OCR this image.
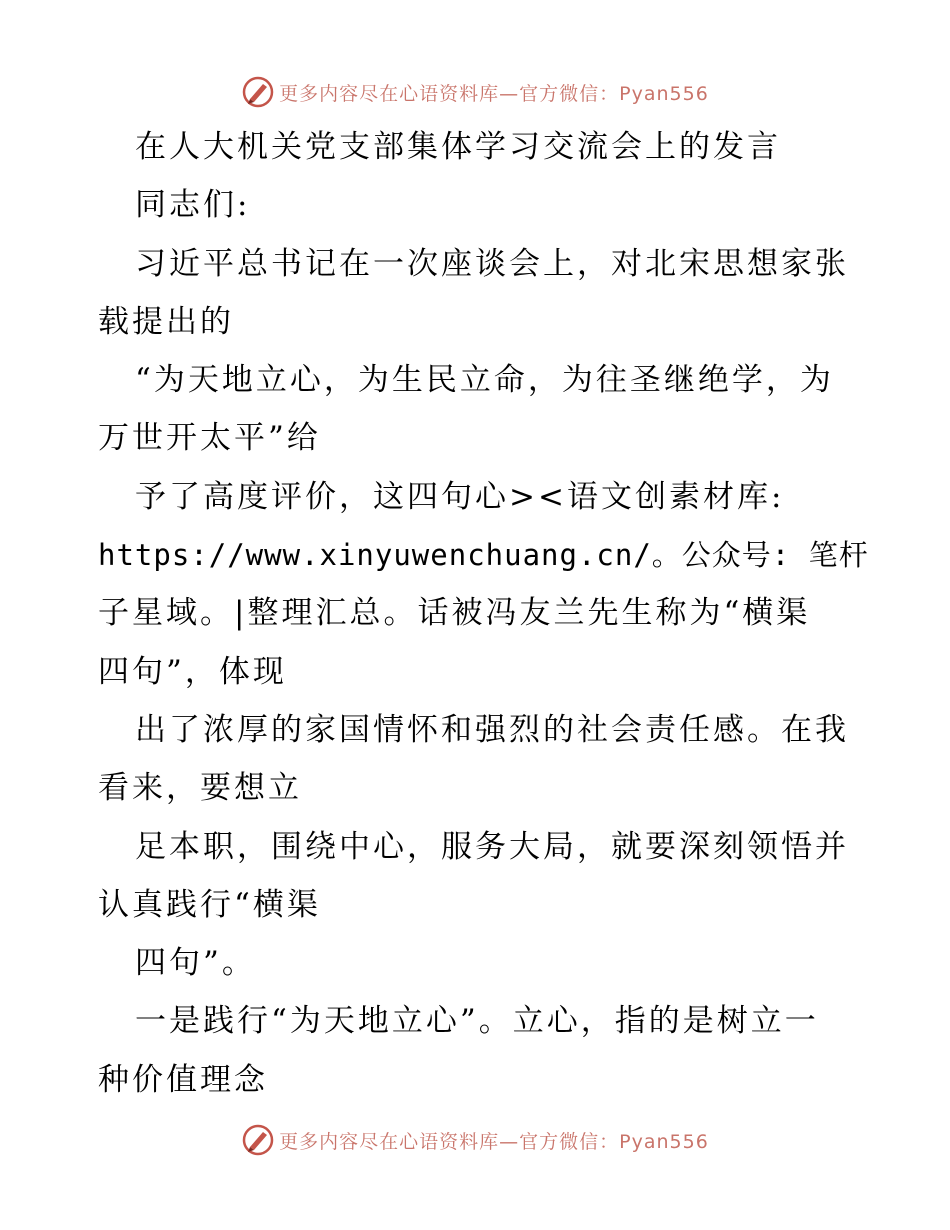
更多内容尽在心语资料库—官方微信：Pyan556
在人大机关党支部集体学习交流会上的发言
同志们:
习近平总书记在一次座谈会上，对北宋思想家张
载提出的
“为天地立心，为生民立命，为往圣继绝学，为
万世开太平”给
予了高度评价，这四句心><语文创素材库:
https://www.xinyuwenchuang.cn/。公众号: 笔杆
子星域。|整理汇总。话被冯友兰先生称为“横渠
四句”，体现
出了浓厚的家国情怀和强烈的社会责任感。在我
看来，要想立
足本职，围绕中心，服务大局，就要深刻领悟并
认真践行“横渠
四句”。
一是践行“为天地立心”。立心，指的是树立一
种价值理念
更多内容尽在心语资料库—官方微信：Pyan556
